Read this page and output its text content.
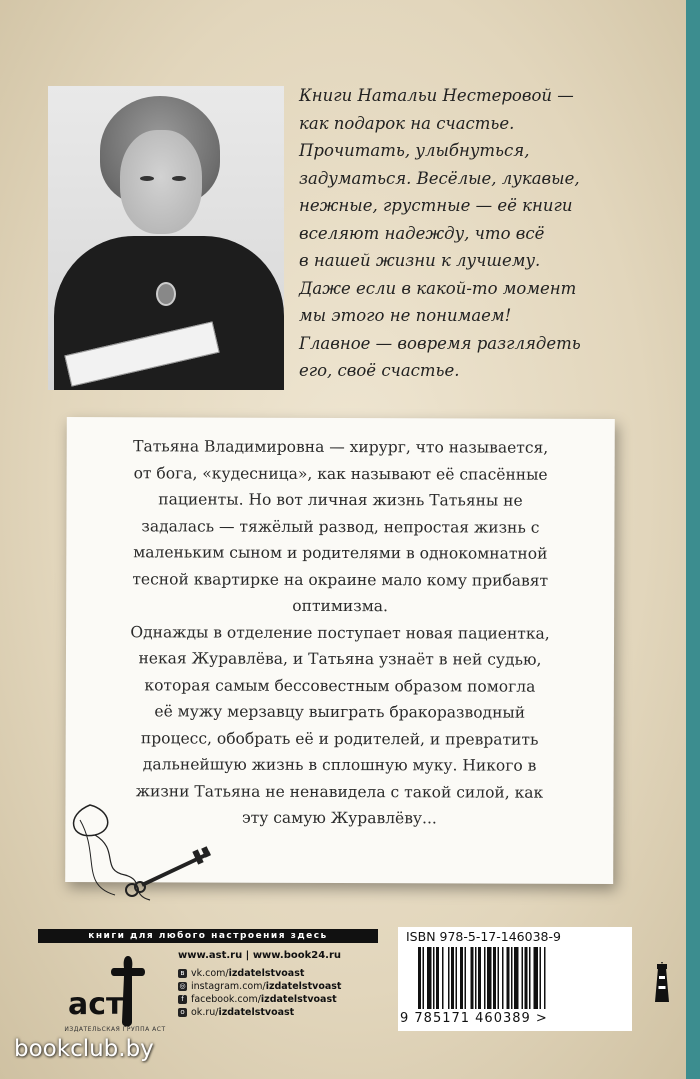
Книги Натальи Нестеровой —
как подарок на счастье.
Прочитать, улыбнуться,
задуматься. Весёлые, лукавые,
нежные, грустные — её книги
вселяют надежду, что всё
в нашей жизни к лучшему.
Даже если в какой-то момент
мы этого не понимаем!
Главное — вовремя разглядеть
его, своё счастье.
Татьяна Владимировна — хирург, что называется,
от бога, «кудесница», как называют её спасённые
пациенты. Но вот личная жизнь Татьяны не
задалась — тяжёлый развод, непростая жизнь с
маленьким сыном и родителями в однокомнатной
тесной квартирке на окраине мало кому прибавят
оптимизма.
Однажды в отделение поступает новая пациентка,
некая Журавлёва, и Татьяна узнаёт в ней судью,
которая самым бессовестным образом помогла
её мужу мерзавцу выиграть бракоразводный
процесс, обобрать её и родителей, и превратить
дальнейшую жизнь в сплошную муку. Никого в
жизни Татьяна не ненавидела с такой силой, как
эту самую Журавлёву...
книги для любого настроения здесь
аст
ИЗДАТЕЛЬСКАЯ ГРУППА АСТ
www.ast.ru | www.book24.ru
в vk.com/ izdatelstvoast
◎ instagram.com/ izdatelstvoast
f facebook.com/ izdatelstvoast
о ok.ru/ izdatelstvoast
ISBN 978-5-17-146038-9
9 785171 460389 >
bookclub.by
